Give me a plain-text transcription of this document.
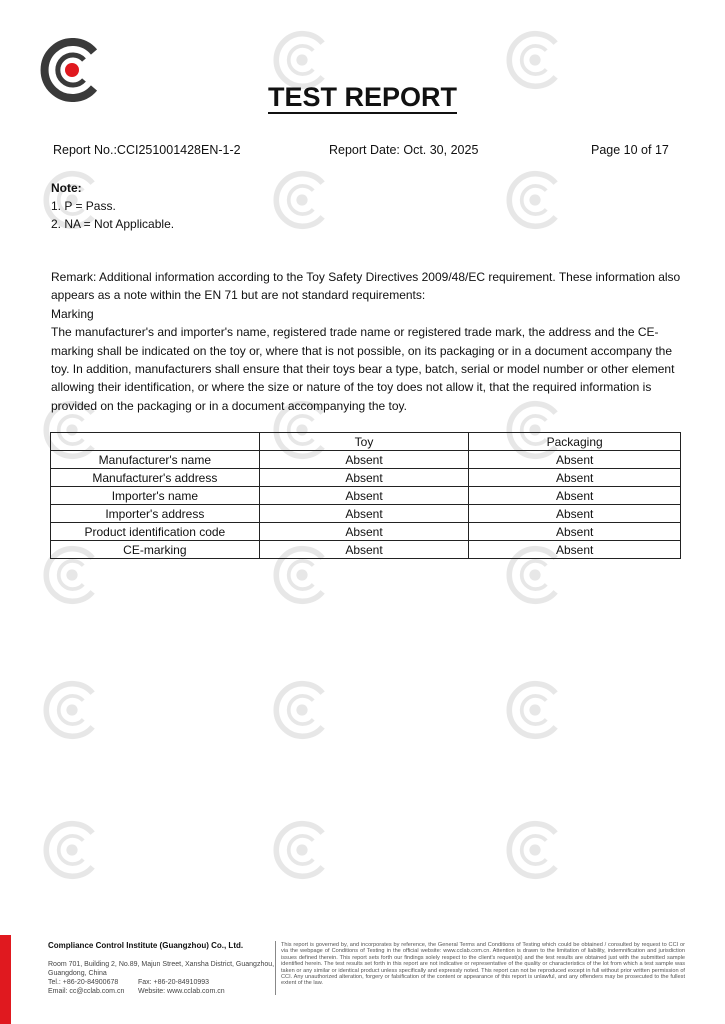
TEST REPORT
Report No.:CCI251001428EN-1-2	Report Date: Oct. 30, 2025	Page 10 of 17
Note:
1. P = Pass.
2. NA = Not Applicable.
Remark: Additional information according to the Toy Safety Directives 2009/48/EC requirement. These information also appears as a note within the EN 71 but are not standard requirements:
Marking
The manufacturer's and importer's name, registered trade name or registered trade mark, the address and the CE-marking shall be indicated on the toy or, where that is not possible, on its packaging or in a document accompany the toy. In addition, manufacturers shall ensure that their toys bear a type, batch, serial or model number or other element allowing their identification, or where the size or nature of the toy does not allow it, that the required information is provided on the packaging or in a document accompanying the toy.
	Toy	Packaging
Manufacturer's name	Absent	Absent
Manufacturer's address	Absent	Absent
Importer's name	Absent	Absent
Importer's address	Absent	Absent
Product identification code	Absent	Absent
CE-marking	Absent	Absent
Compliance Control Institute (Guangzhou) Co., Ltd.
Room 701, Building 2, No.89, Majun Street, Xansha District, Guangzhou,
Guangdong, China
Tel.: +86-20-84900678	Fax: +86-20-84910993
Email: cc@cclab.com.cn Website: www.cclab.com.cn
This report is governed by, and incorporates by reference, the General Terms and Conditions of Testing which could be obtained / consulted by request to CCI or via the webpage of Conditions of Testing in the official website: www.cclab.com.cn. Attention is drawn to the limitation of liability, indemnification and jurisdiction issues defined therein. This report sets forth our findings solely respect to the client's request(s) and the test results are obtained just with the submitted sample identified herein. The test results set forth in this report are not indicative or representative of the quality or characteristics of the lot from which a test sample was taken or any similar or identical product unless specifically and expressly noted. This report can not be reproduced except in full without prior written permission of CCI. Any unauthorized alteration, forgery or falsification of the content or appearance of this report is unlawful, and any offenders may be prosecuted to the fullest extent of the law.
